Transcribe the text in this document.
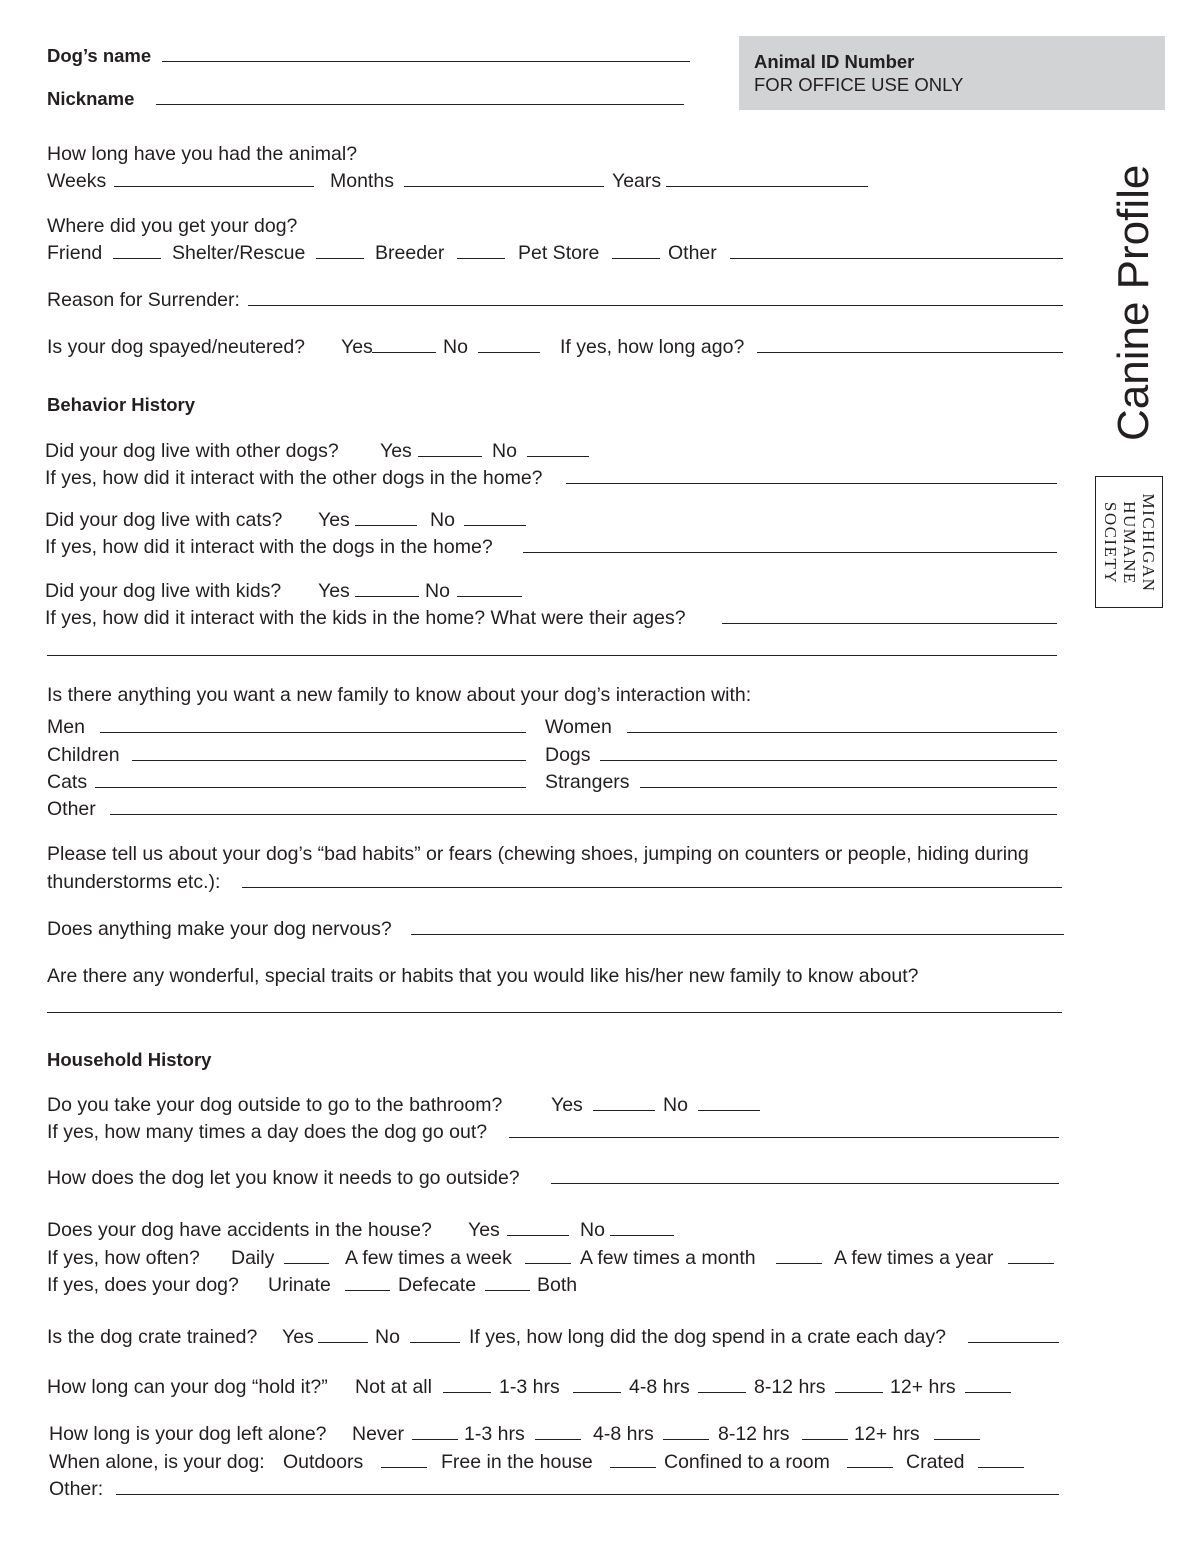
Dog’s name
Nickname
Animal ID Number
FOR OFFICE USE ONLY
Canine Profile
MICHIGAN
HUMANE
SOCIETY
How long have you had the animal?
Weeks	Months	Years
Where did you get your dog?
Friend	Shelter/Rescue	Breeder	Pet Store	Other
Reason for Surrender:
Is your dog spayed/neutered? Yes	No	If yes, how long ago?
Behavior History
Did your dog live with other dogs? Yes	No
If yes, how did it interact with the other dogs in the home?
Did your dog live with cats? Yes	No
If yes, how did it interact with the dogs in the home?
Did your dog live with kids? Yes	No
If yes, how did it interact with the kids in the home? What were their ages?
Is there anything you want a new family to know about your dog’s interaction with:
Men	Women
Children	Dogs
Cats	Strangers
Other
Please tell us about your dog’s “bad habits” or fears (chewing shoes, jumping on counters or people, hiding during
thunderstorms etc.):
Does anything make your dog nervous?
Are there any wonderful, special traits or habits that you would like his/her new family to know about?
Household History
Do you take your dog outside to go to the bathroom? Yes	No
If yes, how many times a day does the dog go out?
How does the dog let you know it needs to go outside?
Does your dog have accidents in the house? Yes	No
If yes, how often? Daily	A few times a week	A few times a month	A few times a year
If yes, does your dog? Urinate	Defecate	Both
Is the dog crate trained? Yes	No	If yes, how long did the dog spend in a crate each day?
How long can your dog “hold it?” Not at all	1-3 hrs	4-8 hrs	8-12 hrs	12+ hrs
How long is your dog left alone? Never	1-3 hrs	4-8 hrs	8-12 hrs	12+ hrs
When alone, is your dog: Outdoors	Free in the house	Confined to a room	Crated
Other:
